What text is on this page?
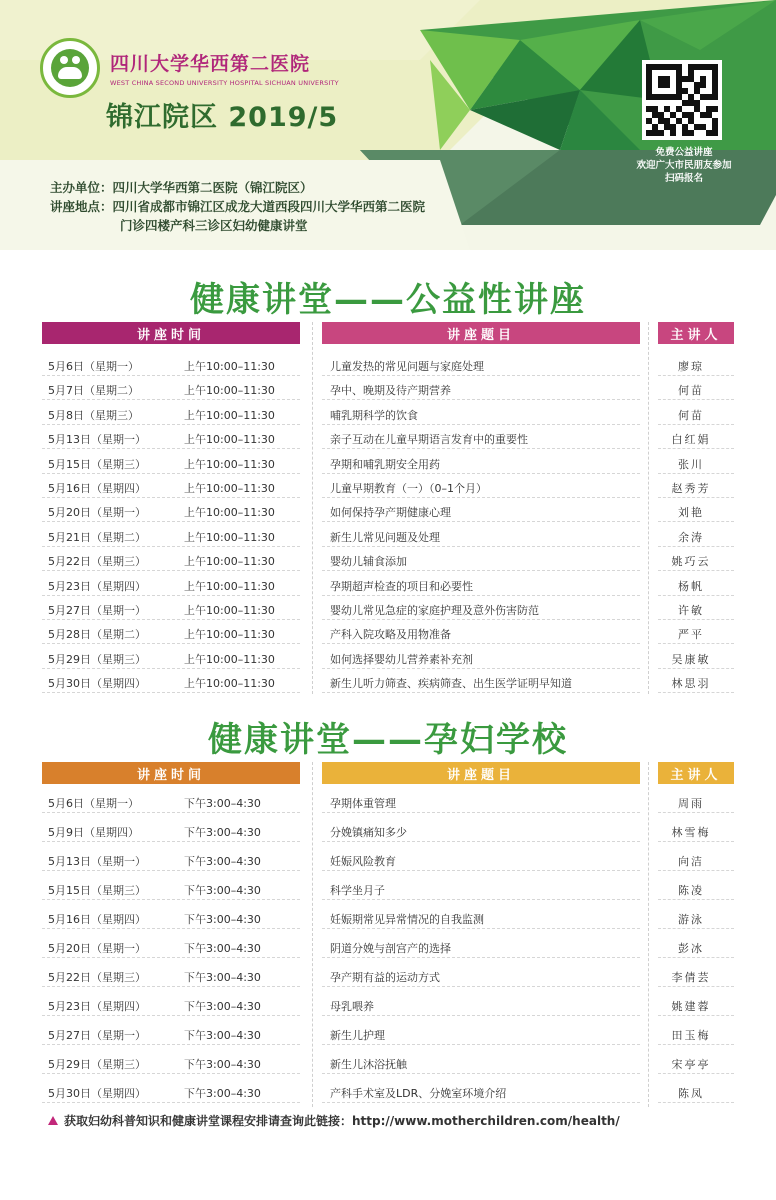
四川大学华西第二医院
WEST CHINA SECOND UNIVERSITY HOSPITAL SICHUAN UNIVERSITY
锦江院区 2019/5
免费公益讲座
欢迎广大市民朋友参加
扫码报名
主办单位：四川大学华西第二医院（锦江院区）
讲座地点：四川省成都市锦江区成龙大道西段四川大学华西第二医院
门诊四楼产科三诊区妇幼健康讲堂
健康讲堂——公益性讲座
讲座时间	讲座题目	主讲人
5月6日（星期一）	上午10:00–11:30	儿童发热的常见问题与家庭处理	廖琼
5月7日（星期二）	上午10:00–11:30	孕中、晚期及待产期营养	何苗
5月8日（星期三）	上午10:00–11:30	哺乳期科学的饮食	何苗
5月13日（星期一）	上午10:00–11:30	亲子互动在儿童早期语言发育中的重要性	白红娟
5月15日（星期三）	上午10:00–11:30	孕期和哺乳期安全用药	张川
5月16日（星期四）	上午10:00–11:30	儿童早期教育（一）（0–1个月）	赵秀芳
5月20日（星期一）	上午10:00–11:30	如何保持孕产期健康心理	刘艳
5月21日（星期二）	上午10:00–11:30	新生儿常见问题及处理	余涛
5月22日（星期三）	上午10:00–11:30	婴幼儿辅食添加	姚巧云
5月23日（星期四）	上午10:00–11:30	孕期超声检查的项目和必要性	杨帆
5月27日（星期一）	上午10:00–11:30	婴幼儿常见急症的家庭护理及意外伤害防范	许敏
5月28日（星期二）	上午10:00–11:30	产科入院攻略及用物准备	严平
5月29日（星期三）	上午10:00–11:30	如何选择婴幼儿营养素补充剂	吴康敏
5月30日（星期四）	上午10:00–11:30	新生儿听力筛查、疾病筛查、出生医学证明早知道	林思羽
健康讲堂——孕妇学校
讲座时间	讲座题目	主讲人
5月6日（星期一）	下午3:00–4:30	孕期体重管理	周雨
5月9日（星期四）	下午3:00–4:30	分娩镇痛知多少	林雪梅
5月13日（星期一）	下午3:00–4:30	妊娠风险教育	向洁
5月15日（星期三）	下午3:00–4:30	科学坐月子	陈凌
5月16日（星期四）	下午3:00–4:30	妊娠期常见异常情况的自我监测	游泳
5月20日（星期一）	下午3:00–4:30	阴道分娩与剖宫产的选择	彭冰
5月22日（星期三）	下午3:00–4:30	孕产期有益的运动方式	李倩芸
5月23日（星期四）	下午3:00–4:30	母乳喂养	姚建蓉
5月27日（星期一）	下午3:00–4:30	新生儿护理	田玉梅
5月29日（星期三）	下午3:00–4:30	新生儿沐浴抚触	宋亭亭
5月30日（星期四）	下午3:00–4:30	产科手术室及LDR、分娩室环境介绍	陈凤
获取妇幼科普知识和健康讲堂课程安排请查询此链接：http://www.motherchildren.com/health/
